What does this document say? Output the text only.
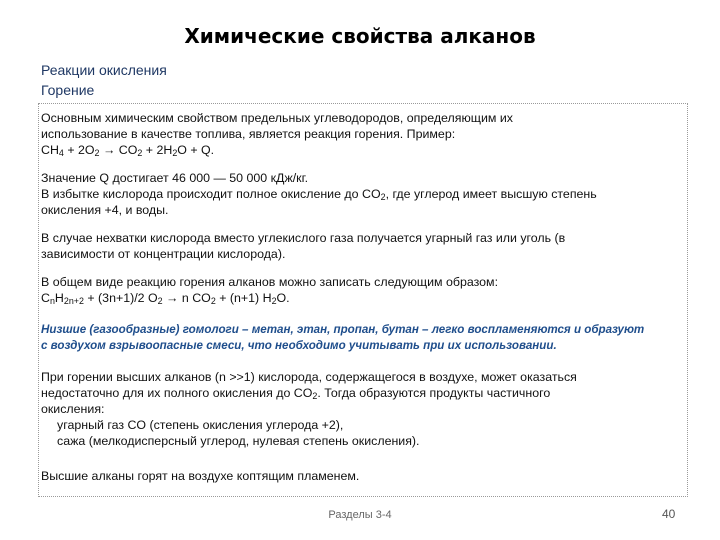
Химические свойства алканов
Реакции окисления
Горение
Основным химическим свойством предельных углеводородов, определяющим их
использование в качестве топлива, является реакция горения. Пример:
$CH_4 + 2O_2 \to CO_2 + 2H_2O + Q$.
Значение Q достигает 46 000 — 50 000 кДж/кг.
В избытке кислорода происходит полное окисление до $CO_2$, где углерод имеет высшую степень
окисления +4, и воды.
В случае нехватки кислорода вместо углекислого газа получается угарный газ или уголь (в
зависимости от концентрации кислорода).
В общем виде реакцию горения алканов можно записать следующим образом:
$C_nH_{2n+2} + (3n+1)/2$ $O_2 \to n$ $CO_2 + (n+1)$ $H_2O$.
Низшие (газообразные) гомологи – метан, этан, пропан, бутан – легко воспламеняются и образуют
с воздухом взрывоопасные смеси, что необходимо учитывать при их использовании.
При горении высших алканов (n >>1) кислорода, содержащегося в воздухе, может оказаться
недостаточно для их полного окисления до $CO_2$. Тогда образуются продукты частичного
окисления:
угарный газ CO (степень окисления углерода +2),
сажа (мелкодисперсный углерод, нулевая степень окисления).
Высшие алканы горят на воздухе коптящим пламенем.
Разделы 3-4	40
